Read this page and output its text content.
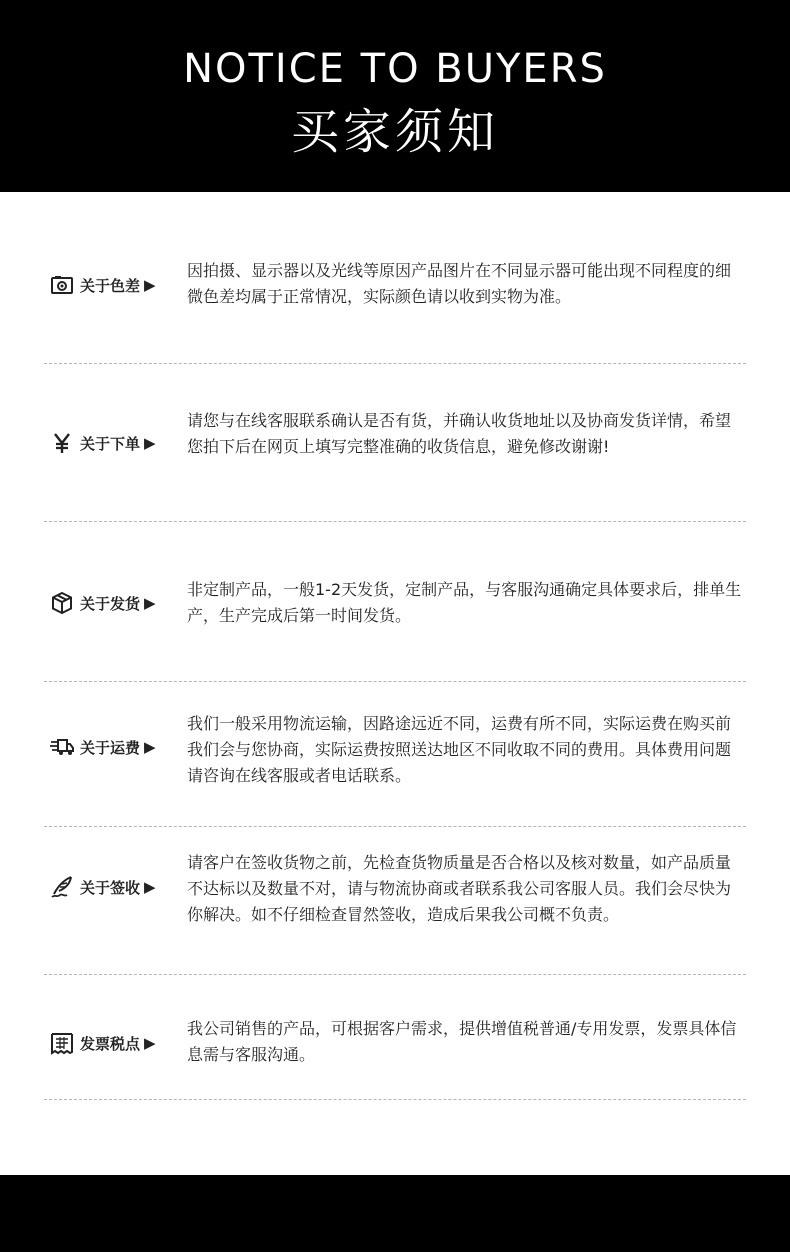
NOTICE TO BUYERS
买家须知
关于色差 ▶
因拍摄、显示器以及光线等原因产品图片在不同显示器可能出现不同程度的细微色差均属于正常情况，实际颜色请以收到实物为准。
关于下单 ▶
请您与在线客服联系确认是否有货，并确认收货地址以及协商发货详情，希望您拍下后在网页上填写完整准确的收货信息，避免修改谢谢!
关于发货 ▶
非定制产品，一般1-2天发货，定制产品，与客服沟通确定具体要求后，排单生产，生产完成后第一时间发货。
关于运费 ▶
我们一般采用物流运输，因路途远近不同，运费有所不同，实际运费在购买前我们会与您协商，实际运费按照送达地区不同收取不同的费用。具体费用问题请咨询在线客服或者电话联系。
关于签收 ▶
请客户在签收货物之前，先检查货物质量是否合格以及核对数量，如产品质量不达标以及数量不对，请与物流协商或者联系我公司客服人员。我们会尽快为你解决。如不仔细检查冒然签收，造成后果我公司概不负责。
发票税点 ▶
我公司销售的产品，可根据客户需求，提供增值税普通/专用发票，发票具体信息需与客服沟通。
